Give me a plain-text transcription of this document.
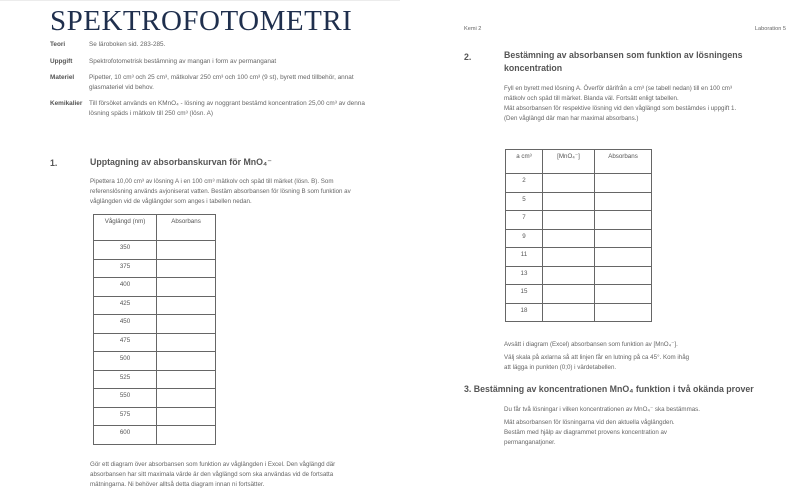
SPEKTROFOTOMETRI
Teori	Se läroboken sid. 283-285.
Uppgift	Spektrofotometrisk bestämning av mangan i form av permanganat
Materiel Pipetter, 10 cm³ och 25 cm³, mätkolvar 250 cm³ och 100 cm³ (9 st), byrett med tillbehör, annat
glasmateriel vid behov.
Kemikalier Till försöket används en KMnO₄ - lösning av noggrant bestämd koncentration 25,00 cm³ av denna
lösning späds i mätkolv till 250 cm³ (lösn. A)
1.	Upptagning av absorbanskurvan för MnO₄⁻
Pipettera 10,00 cm³ av lösning A i en 100 cm³ mätkolv och späd till märket (lösn. B). Som
referenslösning används avjoniserat vatten. Bestäm absorbansen för lösning B som funktion av
våglängden vid de våglängder som anges i tabellen nedan.
Våglängd (nm)	Absorbans
350	
375	
400	
425	
450	
475	
500	
525	
550	
575	
600	
Gör ett diagram över absorbansen som funktion av våglängden i Excel. Den våglängd där
absorbansen har sitt maximala värde är den våglängd som ska användas vid de fortsatta
mätningarna. Ni behöver alltså detta diagram innan ni fortsätter.
Kemi 2	Laboration 5
2.	Bestämning av absorbansen som funktion av lösningens
koncentration
Fyll en byrett med lösning A. Överför därifrån a cm³ (se tabell nedan) till en 100 cm³
mätkolv och späd till märket. Blanda väl. Fortsätt enligt tabellen.
Mät absorbansen för respektive lösning vid den våglängd som bestämdes i uppgift 1.
(Den våglängd där man har maximal absorbans.)
a cm³	[MnO₄⁻]	Absorbans
2		
5		
7		
9		
11		
13		
15		
18		
Avsätt i diagram (Excel) absorbansen som funktion av [MnO₄⁻].
Välj skala på axlarna så att linjen får en lutning på ca 45°. Kom ihåg
att lägga in punkten (0;0) i värdetabellen.
3. Bestämning av koncentrationen MnO₄ funktion i två okända prover
Du får två lösningar i vilken koncentrationen av MnO₄⁻ ska bestämmas.
Mät absorbansen för lösningarna vid den aktuella våglängden.
Bestäm med hjälp av diagrammet provens koncentration av
permanganatjoner.
